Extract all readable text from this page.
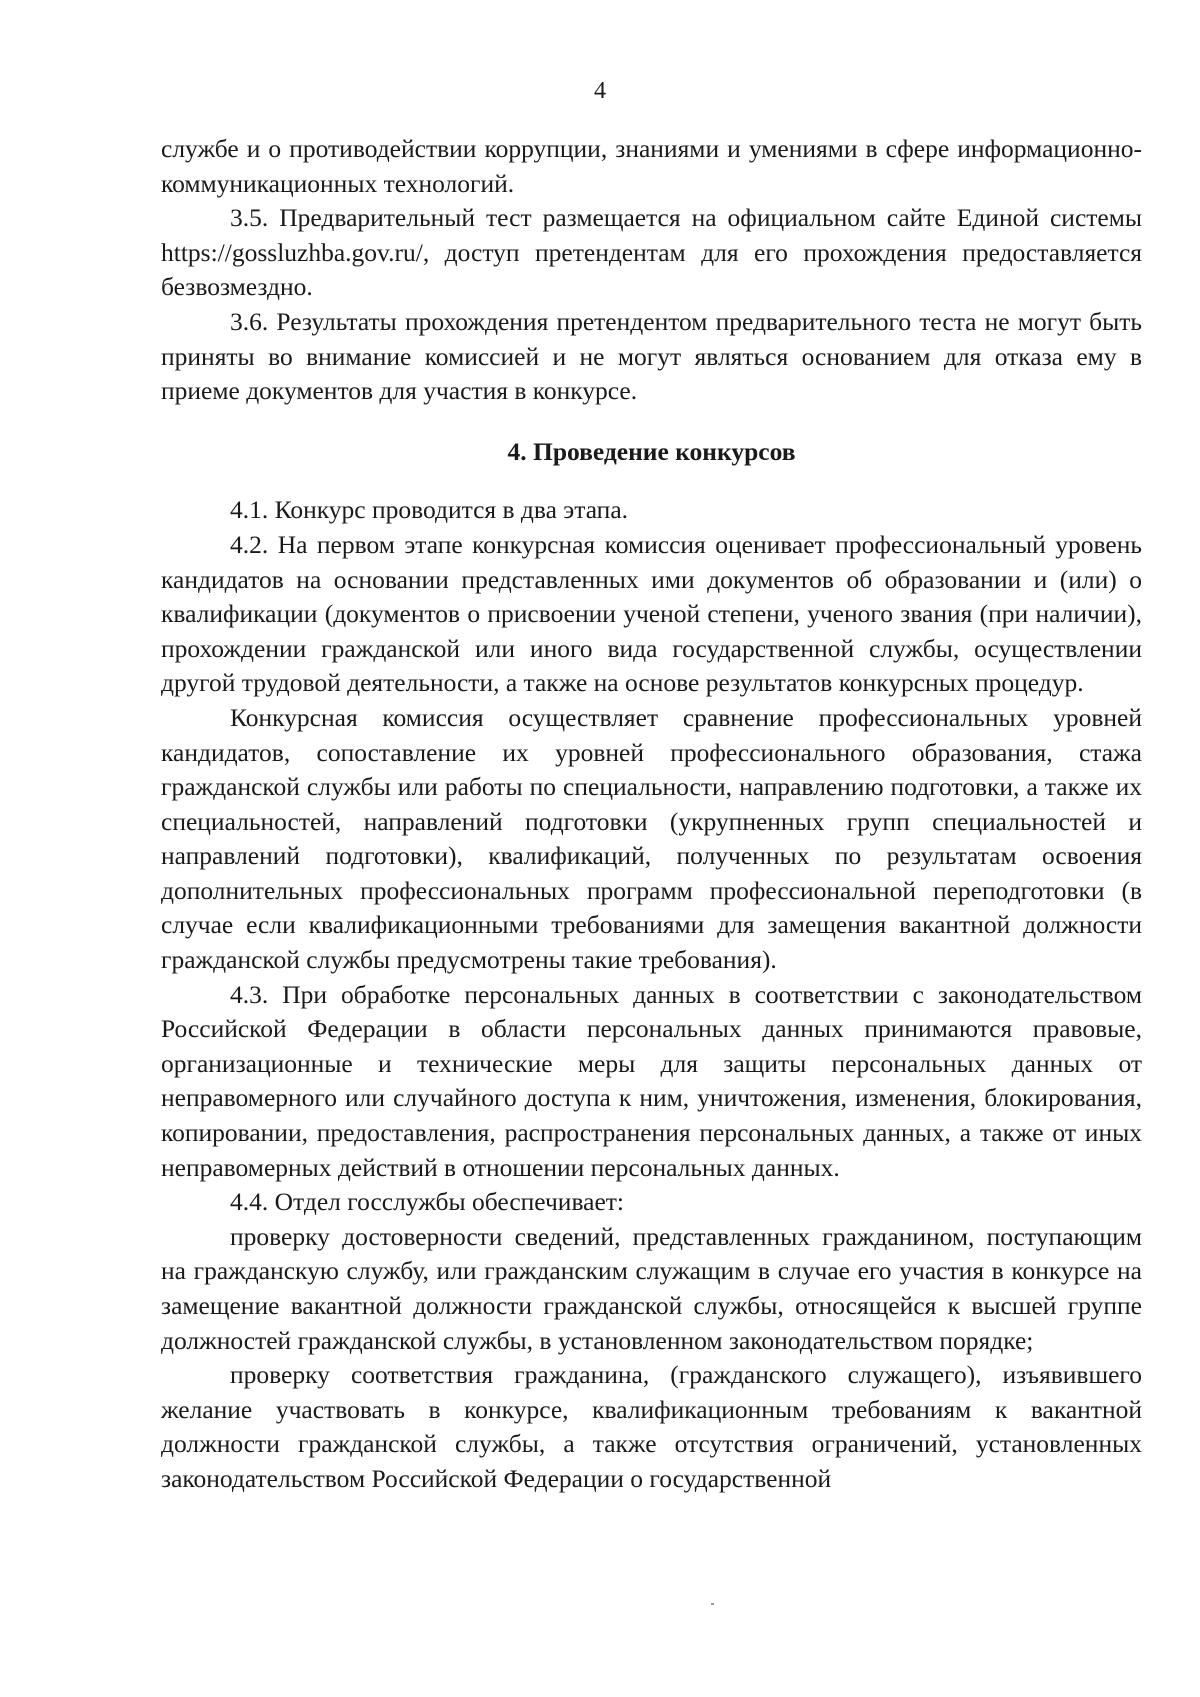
4

службе и о противодействии коррупции, знаниями и умениями в сфере информационно-коммуникационных технологий.

3.5. Предварительный тест размещается на официальном сайте Единой системы https://gossluzhba.gov.ru/, доступ претендентам для его прохождения предоставляется безвозмездно.

3.6. Результаты прохождения претендентом предварительного теста не могут быть приняты во внимание комиссией и не могут являться основанием для отказа ему в приеме документов для участия в конкурсе.

4. Проведение конкурсов

4.1. Конкурс проводится в два этапа.

4.2. На первом этапе конкурсная комиссия оценивает профессиональный уровень кандидатов на основании представленных ими документов об образовании и (или) о квалификации (документов о присвоении ученой степени, ученого звания (при наличии), прохождении гражданской или иного вида государственной службы, осуществлении другой трудовой деятельности, а также на основе результатов конкурсных процедур.

Конкурсная комиссия осуществляет сравнение профессиональных уровней кандидатов, сопоставление их уровней профессионального образования, стажа гражданской службы или работы по специальности, направлению подготовки, а также их специальностей, направлений подготовки (укрупненных групп специальностей и направлений подготовки), квалификаций, полученных по результатам освоения дополнительных профессиональных программ профессиональной переподготовки (в случае если квалификационными требованиями для замещения вакантной должности гражданской службы предусмотрены такие требования).

4.3. При обработке персональных данных в соответствии с законодательством Российской Федерации в области персональных данных принимаются правовые, организационные и технические меры для защиты персональных данных от неправомерного или случайного доступа к ним, уничтожения, изменения, блокирования, копировании, предоставления, распространения персональных данных, а также от иных неправомерных действий в отношении персональных данных.

4.4. Отдел госслужбы обеспечивает:

проверку достоверности сведений, представленных гражданином, поступающим на гражданскую службу, или гражданским служащим в случае его участия в конкурсе на замещение вакантной должности гражданской службы, относящейся к высшей группе должностей гражданской службы, в установленном законодательством порядке;

проверку соответствия гражданина, (гражданского служащего), изъявившего желание участвовать в конкурсе, квалификационным требованиям к вакантной должности гражданской службы, а также отсутствия ограничений, установленных законодательством Российской Федерации о государственной
